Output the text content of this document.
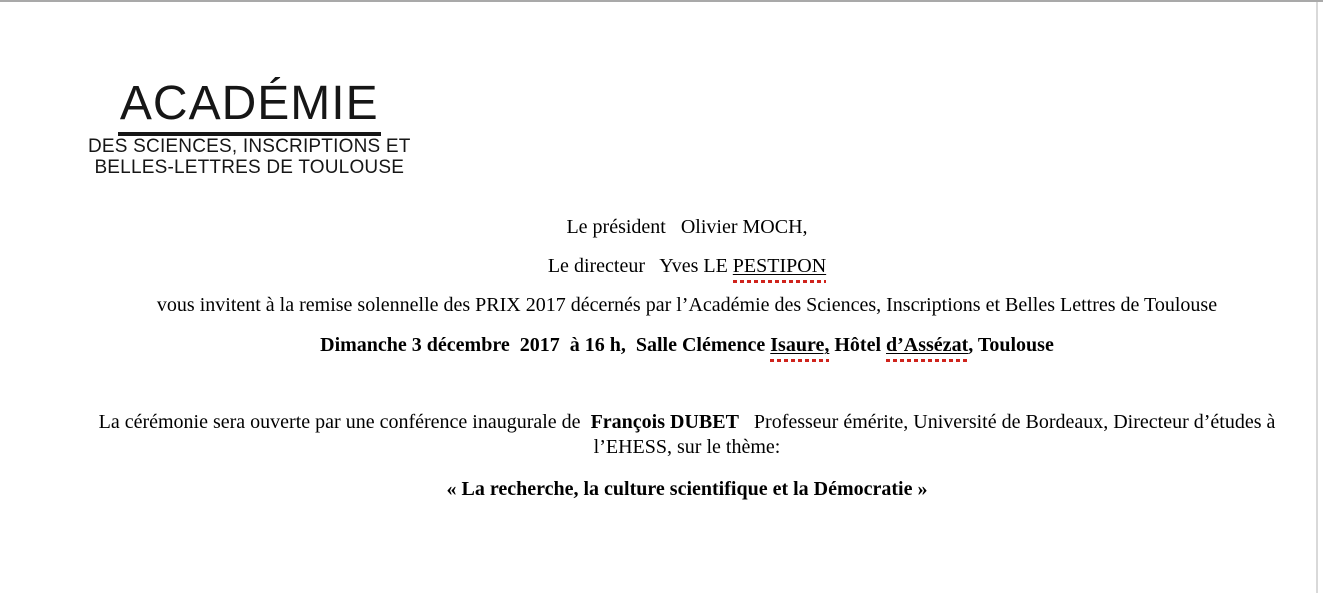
ACADÉMIE
DES SCIENCES, INSCRIPTIONS ET
BELLES-LETTRES DE TOULOUSE
Le président   Olivier MOCH,
Le directeur   Yves LE PESTIPON
vous invitent à la remise solennelle des PRIX 2017 décernés par l’Académie des Sciences, Inscriptions et Belles Lettres de Toulouse
Dimanche 3 décembre  2017  à 16 h,  Salle Clémence Isaure, Hôtel d’Assézat, Toulouse
La cérémonie sera ouverte par une conférence inaugurale de  François DUBET   Professeur émérite, Université de Bordeaux, Directeur d’études à
l’EHESS, sur le thème:
« La recherche, la culture scientifique et la Démocratie »
